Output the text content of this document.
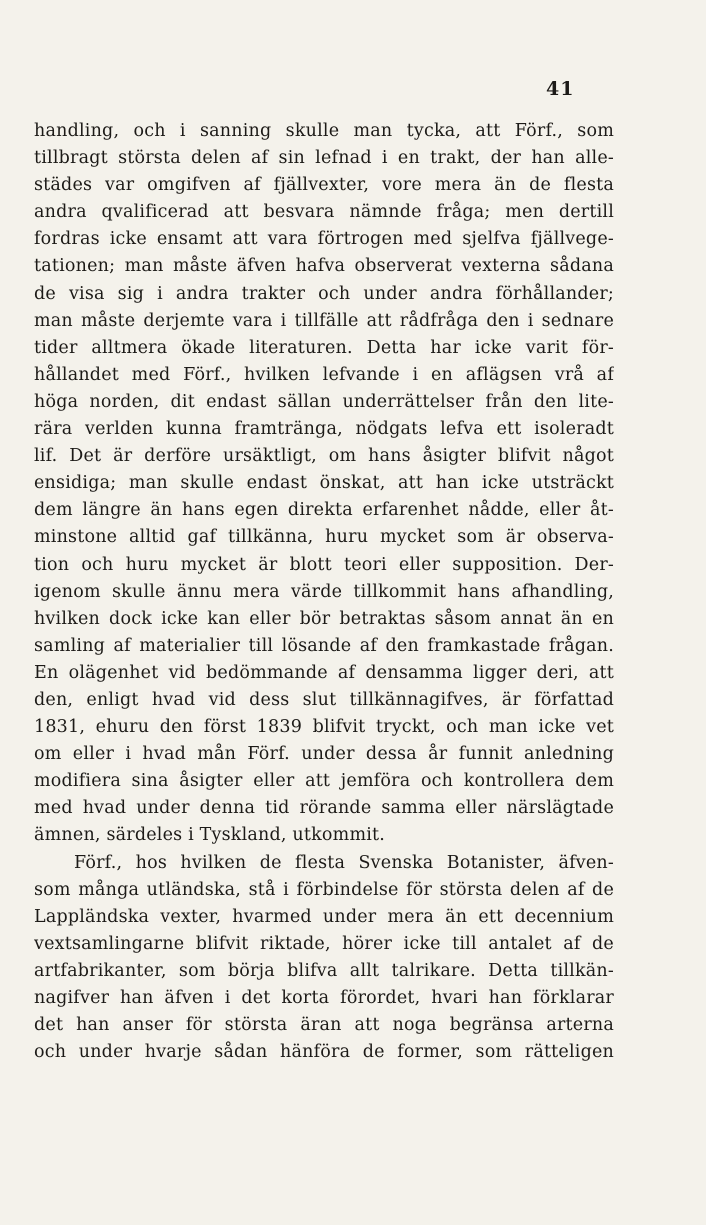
41
handling, och i sanning skulle man tycka, att Förf., som
tillbragt största delen af sin lefnad i en trakt, der han alle-
städes var omgifven af fjällvexter, vore mera än de flesta
andra qvalificerad att besvara nämnde fråga; men dertill
fordras icke ensamt att vara förtrogen med sjelfva fjällvege-
tationen; man måste äfven hafva observerat vexterna sådana
de visa sig i andra trakter och under andra förhållander;
man måste derjemte vara i tillfälle att rådfråga den i sednare
tider alltmera ökade literaturen. Detta har icke varit för-
hållandet med Förf., hvilken lefvande i en aflägsen vrå af
höga norden, dit endast sällan underrättelser från den lite-
rära verlden kunna framtränga, nödgats lefva ett isoleradt
lif. Det är derföre ursäktligt, om hans åsigter blifvit något
ensidiga; man skulle endast önskat, att han icke utsträckt
dem längre än hans egen direkta erfarenhet nådde, eller åt-
minstone alltid gaf tillkänna, huru mycket som är observa-
tion och huru mycket är blott teori eller supposition. Der-
igenom skulle ännu mera värde tillkommit hans afhandling,
hvilken dock icke kan eller bör betraktas såsom annat än en
samling af materialier till lösande af den framkastade frågan.
En olägenhet vid bedömmande af densamma ligger deri, att
den, enligt hvad vid dess slut tillkännagifves, är författad
1831, ehuru den först 1839 blifvit tryckt, och man icke vet
om eller i hvad mån Förf. under dessa år funnit anledning
modifiera sina åsigter eller att jemföra och kontrollera dem
med hvad under denna tid rörande samma eller närslägtade
ämnen, särdeles i Tyskland, utkommit.
Förf., hos hvilken de flesta Svenska Botanister, äfven-
som många utländska, stå i förbindelse för största delen af de
Lappländska vexter, hvarmed under mera än ett decennium
vextsamlingarne blifvit riktade, hörer icke till antalet af de
artfabrikanter, som börja blifva allt talrikare. Detta tillkän-
nagifver han äfven i det korta förordet, hvari han förklarar
det han anser för största äran att noga begränsa arterna
och under hvarje sådan hänföra de former, som rätteligen
